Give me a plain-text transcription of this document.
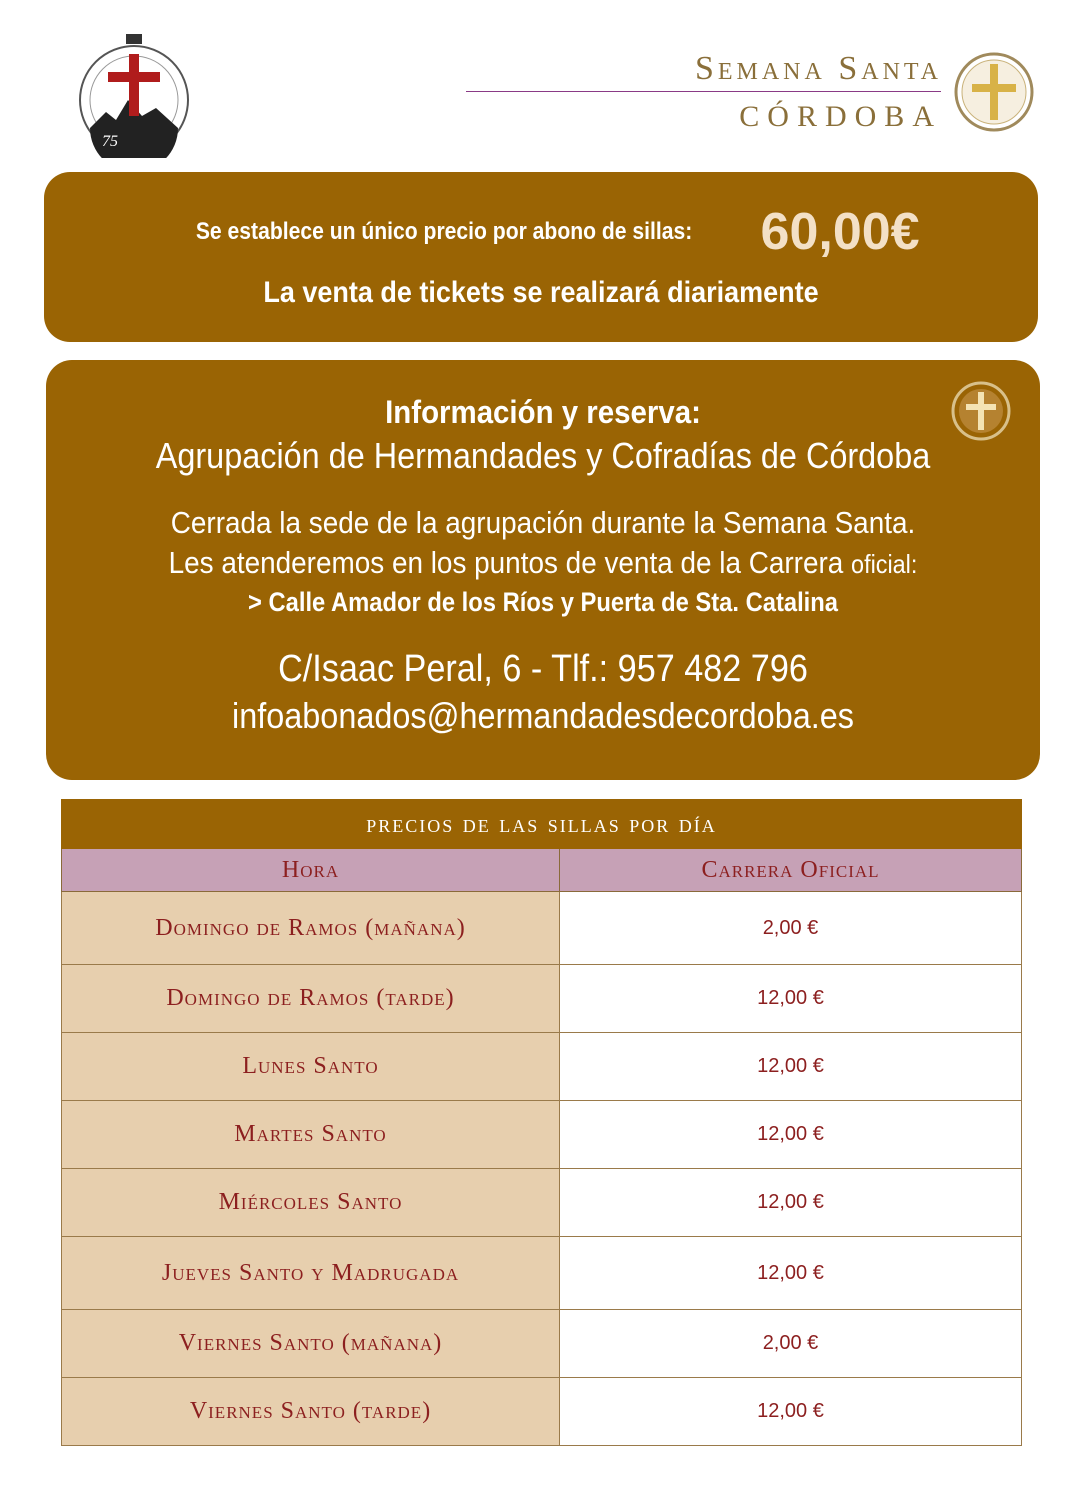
75
Semana Santa
CÓRDOBA
Se establece un único precio por abono de sillas: 60,00€
La venta de tickets se realizará diariamente
Información y reserva:
Agrupación de Hermandades y Cofradías de Córdoba
Cerrada la sede de la agrupación durante la Semana Santa.
Les atenderemos en los puntos de venta de la Carrera oficial:
> Calle Amador de los Ríos y Puerta de Sta. Catalina
C/Isaac Peral, 6 - Tlf.: 957 482 796
infoabonados@hermandadesdecordoba.es
precios de las sillas por día	
Hora	Carrera Oficial
Domingo de Ramos (mañana)	2,00 €
Domingo de Ramos (tarde)	12,00 €
Lunes Santo	12,00 €
Martes Santo	12,00 €
Miércoles Santo	12,00 €
Jueves Santo y Madrugada	12,00 €
Viernes Santo (mañana)	2,00 €
Viernes Santo (tarde)	12,00 €
